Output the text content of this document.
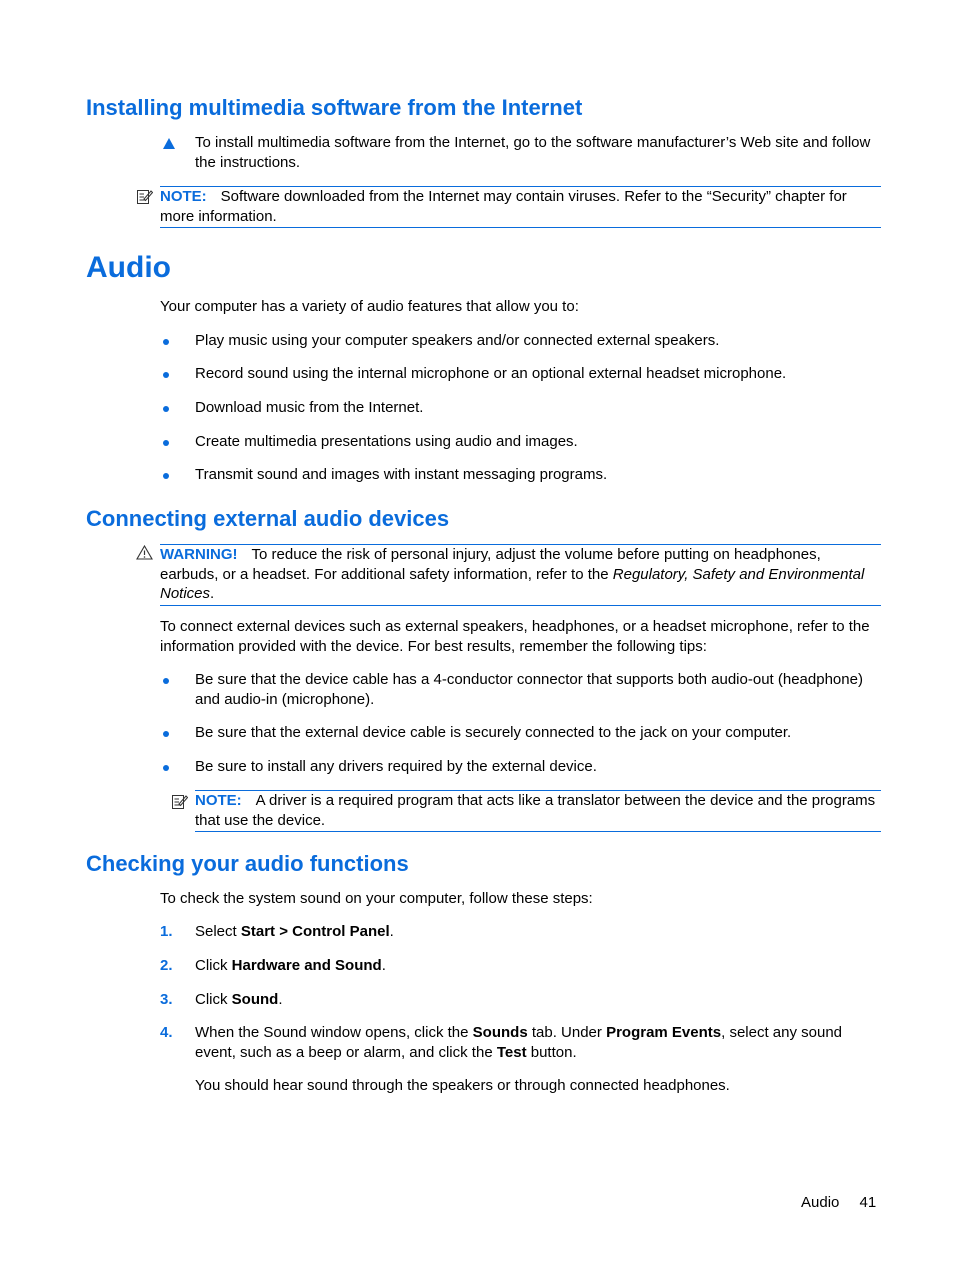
Installing multimedia software from the Internet
To install multimedia software from the Internet, go to the software manufacturer’s Web site and follow the instructions.
NOTE: Software downloaded from the Internet may contain viruses. Refer to the “Security” chapter for more information.
Audio

Your computer has a variety of audio features that allow you to:

Play music using your computer speakers and/or connected external speakers.
Record sound using the internal microphone or an optional external headset microphone.
Download music from the Internet.
Create multimedia presentations using audio and images.
Transmit sound and images with instant messaging programs.
Connecting external audio devices
WARNING! To reduce the risk of personal injury, adjust the volume before putting on headphones, earbuds, or a headset. For additional safety information, refer to the Regulatory, Safety and Environmental Notices.

To connect external devices such as external speakers, headphones, or a headset microphone, refer to the information provided with the device. For best results, remember the following tips:

Be sure that the device cable has a 4-conductor connector that supports both audio-out (headphone) and audio-in (microphone).
Be sure that the external device cable is securely connected to the jack on your computer.
Be sure to install any drivers required by the external device.
NOTE: A driver is a required program that acts like a translator between the device and the programs that use the device.
Checking your audio functions

To check the system sound on your computer, follow these steps:

1. Select Start > Control Panel.
2. Click Hardware and Sound.
3. Click Sound.
4. When the Sound window opens, click the Sounds tab. Under Program Events, select any sound event, such as a beep or alarm, and click the Test button.
You should hear sound through the speakers or through connected headphones.
Audio 41
